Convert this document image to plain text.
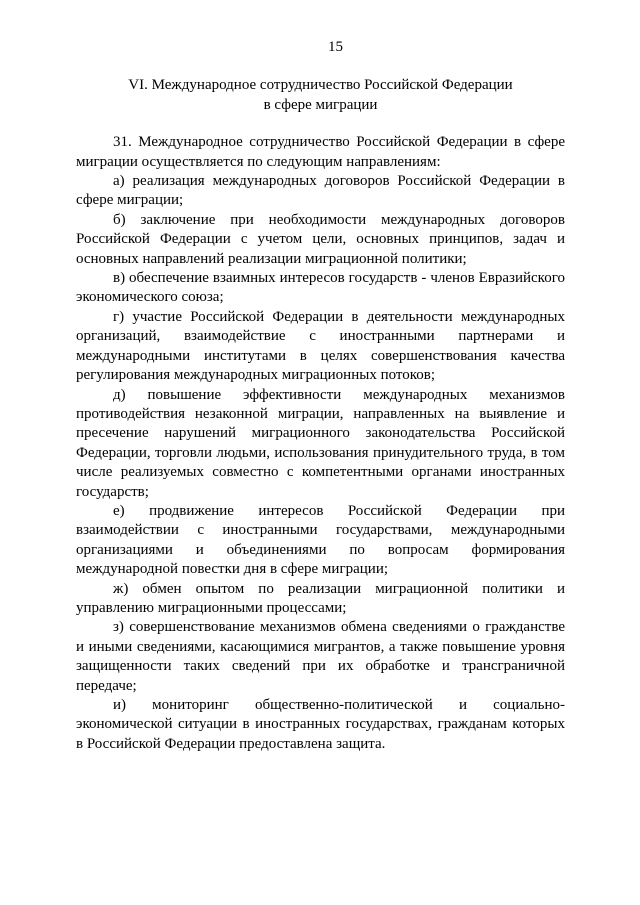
15
VI. Международное сотрудничество Российской Федерации
в сфере миграции

31. Международное сотрудничество Российской Федерации в сфере миграции осуществляется по следующим направлениям:

а) реализация международных договоров Российской Федерации в сфере миграции;

б) заключение при необходимости международных договоров Российской Федерации с учетом цели, основных принципов, задач и основных направлений реализации миграционной политики;

в) обеспечение взаимных интересов государств - членов Евразийского экономического союза;

г) участие Российской Федерации в деятельности международных организаций, взаимодействие с иностранными партнерами и международными институтами в целях совершенствования качества регулирования международных миграционных потоков;

д) повышение эффективности международных механизмов противодействия незаконной миграции, направленных на выявление и пресечение нарушений миграционного законодательства Российской Федерации, торговли людьми, использования принудительного труда, в том числе реализуемых совместно с компетентными органами иностранных государств;

е) продвижение интересов Российской Федерации при взаимодействии с иностранными государствами, международными организациями и объединениями по вопросам формирования международной повестки дня в сфере миграции;

ж) обмен опытом по реализации миграционной политики и управлению миграционными процессами;

з) совершенствование механизмов обмена сведениями о гражданстве и иными сведениями, касающимися мигрантов, а также повышение уровня защищенности таких сведений при их обработке и трансграничной передаче;

и) мониторинг общественно-политической и социально-экономической ситуации в иностранных государствах, гражданам которых в Российской Федерации предоставлена защита.
